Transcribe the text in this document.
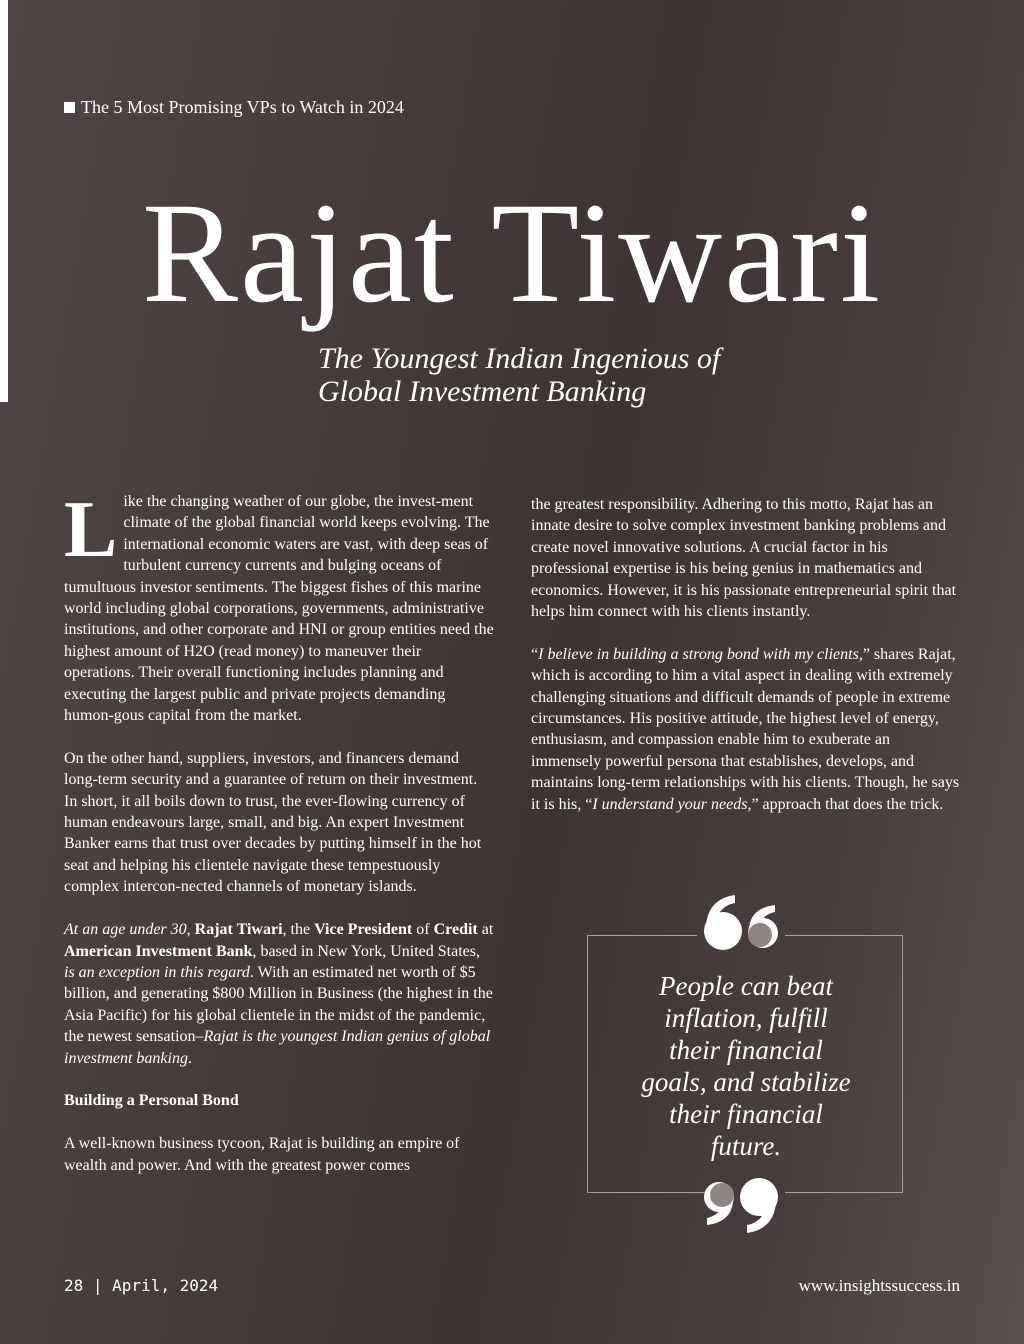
The 5 Most Promising VPs to Watch in 2024
Rajat Tiwari
The Youngest Indian Ingenious of
Global Investment Banking

Like the changing weather of our globe, the invest-ment climate of the global financial world keeps evolving. The international economic waters are vast, with deep seas of turbulent currency currents and bulging oceans of tumultuous investor sentiments. The biggest fishes of this marine world including global corporations, governments, administrative institutions, and other corporate and HNI or group entities need the highest amount of H2O (read money) to maneuver their operations. Their overall functioning includes planning and executing the largest public and private projects demanding humon-gous capital from the market.

On the other hand, suppliers, investors, and financers demand long-term security and a guarantee of return on their investment. In short, it all boils down to trust, the ever-flowing currency of human endeavours large, small, and big. An expert Investment Banker earns that trust over decades by putting himself in the hot seat and helping his clientele navigate these tempestuously complex intercon-nected channels of monetary islands.

At an age under 30, Rajat Tiwari, the Vice President of Credit at American Investment Bank, based in New York, United States, is an exception in this regard. With an estimated net worth of $5 billion, and generating $800 Million in Business (the highest in the Asia Pacific) for his global clientele in the midst of the pandemic, the newest sensation–Rajat is the youngest Indian genius of global investment banking.

Building a Personal Bond

A well-known business tycoon, Rajat is building an empire of wealth and power. And with the greatest power comes

the greatest responsibility. Adhering to this motto, Rajat has an innate desire to solve complex investment banking problems and create novel innovative solutions. A crucial factor in his professional expertise is his being genius in mathematics and economics. However, it is his passionate entrepreneurial spirit that helps him connect with his clients instantly.

“I believe in building a strong bond with my clients,” shares Rajat, which is according to him a vital aspect in dealing with extremely challenging situations and difficult demands of people in extreme circumstances. His positive attitude, the highest level of energy, enthusiasm, and compassion enable him to exuberate an immensely powerful persona that establishes, develops, and maintains long-term relationships with his clients. Though, he says it is his, “I understand your needs,” approach that does the trick.

People can beat
inflation, fulfill
their financial
goals, and stabilize
their financial
future.
28 | April, 2024	www.insightssuccess.in
